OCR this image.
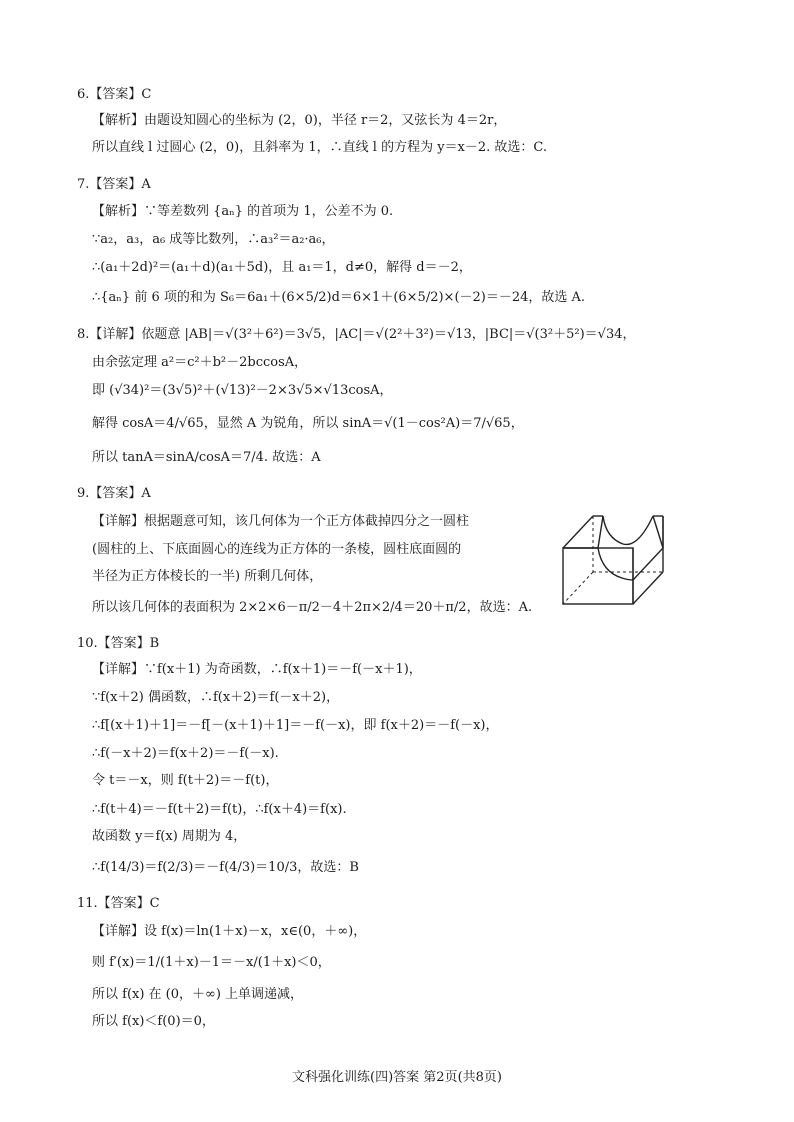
6.【答案】C
【解析】由题设知圆心的坐标为 (2，0)，半径 r＝2，又弦长为 4＝2r，
所以直线 l 过圆心 (2，0)，且斜率为 1，∴直线 l 的方程为 y＝x－2. 故选：C.
7.【答案】A
【解析】∵等差数列 {aₙ} 的首项为 1，公差不为 0.
∵a₂，a₃，a₆ 成等比数列，∴a₃²＝a₂·a₆，
∴(a₁＋2d)²＝(a₁＋d)(a₁＋5d)，且 a₁＝1，d≠0，解得 d＝－2，
∴{aₙ} 前 6 项的和为 S₆＝6a₁＋(6×5/2)d＝6×1＋(6×5/2)×(－2)＝－24，故选 A.
8.【详解】依题意 |AB|＝√(3²＋6²)＝3√5，|AC|＝√(2²＋3²)＝√13，|BC|＝√(3²＋5²)＝√34，
由余弦定理 a²＝c²＋b²－2bccosA，
即 (√34)²＝(3√5)²＋(√13)²－2×3√5×√13cosA，
解得 cosA＝4/√65，显然 A 为锐角，所以 sinA＝√(1－cos²A)＝7/√65，
所以 tanA＝sinA/cosA＝7/4. 故选：A
9.【答案】A
【详解】根据题意可知，该几何体为一个正方体截掉四分之一圆柱
(圆柱的上、下底面圆心的连线为正方体的一条棱，圆柱底面圆的
半径为正方体棱长的一半) 所剩几何体，
所以该几何体的表面积为 2×2×6－π/2－4＋2π×2/4＝20＋π/2，故选：A.
10.【答案】B
【详解】∵f(x＋1) 为奇函数，∴f(x＋1)＝－f(－x＋1)，
∵f(x＋2) 偶函数，∴f(x＋2)＝f(－x＋2)，
∴f[(x＋1)＋1]＝－f[－(x＋1)＋1]＝－f(－x)，即 f(x＋2)＝－f(－x)，
∴f(－x＋2)＝f(x＋2)＝－f(－x).
令 t＝－x，则 f(t＋2)＝－f(t)，
∴f(t＋4)＝－f(t＋2)＝f(t)，∴f(x＋4)＝f(x).
故函数 y＝f(x) 周期为 4，
∴f(14/3)＝f(2/3)＝－f(4/3)＝10/3，故选：B
11.【答案】C
【详解】设 f(x)＝ln(1＋x)－x，x∈(0，＋∞)，
则 f′(x)＝1/(1＋x)－1＝－x/(1＋x)＜0，
所以 f(x) 在 (0，＋∞) 上单调递减，
所以 f(x)＜f(0)＝0，
文科强化训练(四)答案 第2页(共8页)
